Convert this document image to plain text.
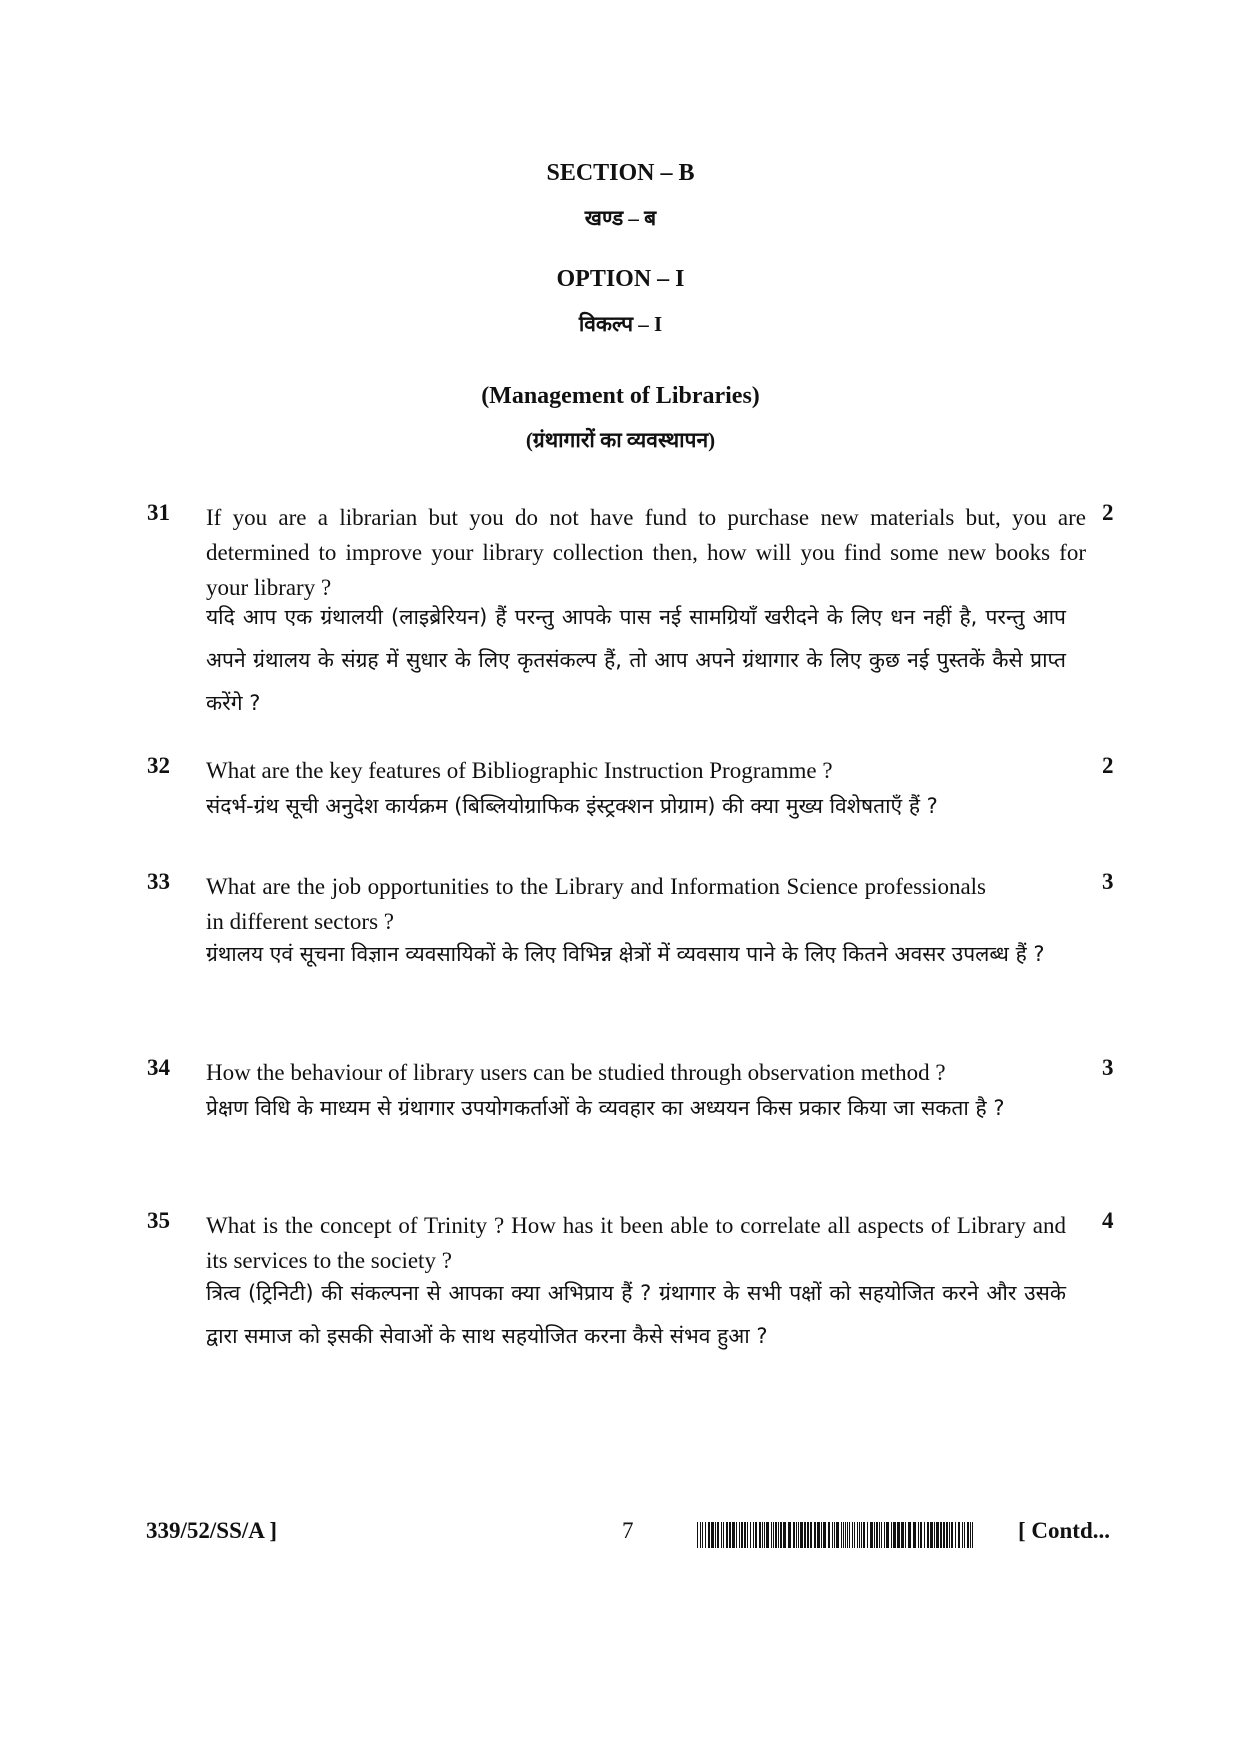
SECTION – B
खण्ड – ब
OPTION – I
विकल्प – I
(Management of Libraries)
(ग्रंथागारों का व्यवस्थापन)
31 If you are a librarian but you do not have fund to purchase new materials but, you are determined to improve your library collection then, how will you find some new books for your library ?
यदि आप एक ग्रंथालयी (लाइब्रेरियन) हैं परन्तु आपके पास नई सामग्रियाँ खरीदने के लिए धन नहीं है, परन्तु आप अपने ग्रंथालय के संग्रह में सुधार के लिए कृतसंकल्प हैं, तो आप अपने ग्रंथागार के लिए कुछ नई पुस्तकें कैसे प्राप्त करेंगे ?
2
32 What are the key features of Bibliographic Instruction Programme ?
संदर्भ-ग्रंथ सूची अनुदेश कार्यक्रम (बिब्लियोग्राफिक इंस्ट्रक्शन प्रोग्राम) की क्या मुख्य विशेषताएँ हैं ?
2
33 What are the job opportunities to the Library and Information Science professionals in different sectors ?
ग्रंथालय एवं सूचना विज्ञान व्यवसायिकों के लिए विभिन्न क्षेत्रों में व्यवसाय पाने के लिए कितने अवसर उपलब्ध हैं ?
3
34 How the behaviour of library users can be studied through observation method ?
प्रेक्षण विधि के माध्यम से ग्रंथागार उपयोगकर्ताओं के व्यवहार का अध्ययन किस प्रकार किया जा सकता है ?
3
35 What is the concept of Trinity ? How has it been able to correlate all aspects of Library and its services to the society ?
त्रित्व (ट्रिनिटी) की संकल्पना से आपका क्या अभिप्राय हैं ? ग्रंथागार के सभी पक्षों को सहयोजित करने और उसके द्वारा समाज को इसकी सेवाओं के साथ सहयोजित करना कैसे संभव हुआ ?
4
339/52/SS/A ]	7	[ Contd...
